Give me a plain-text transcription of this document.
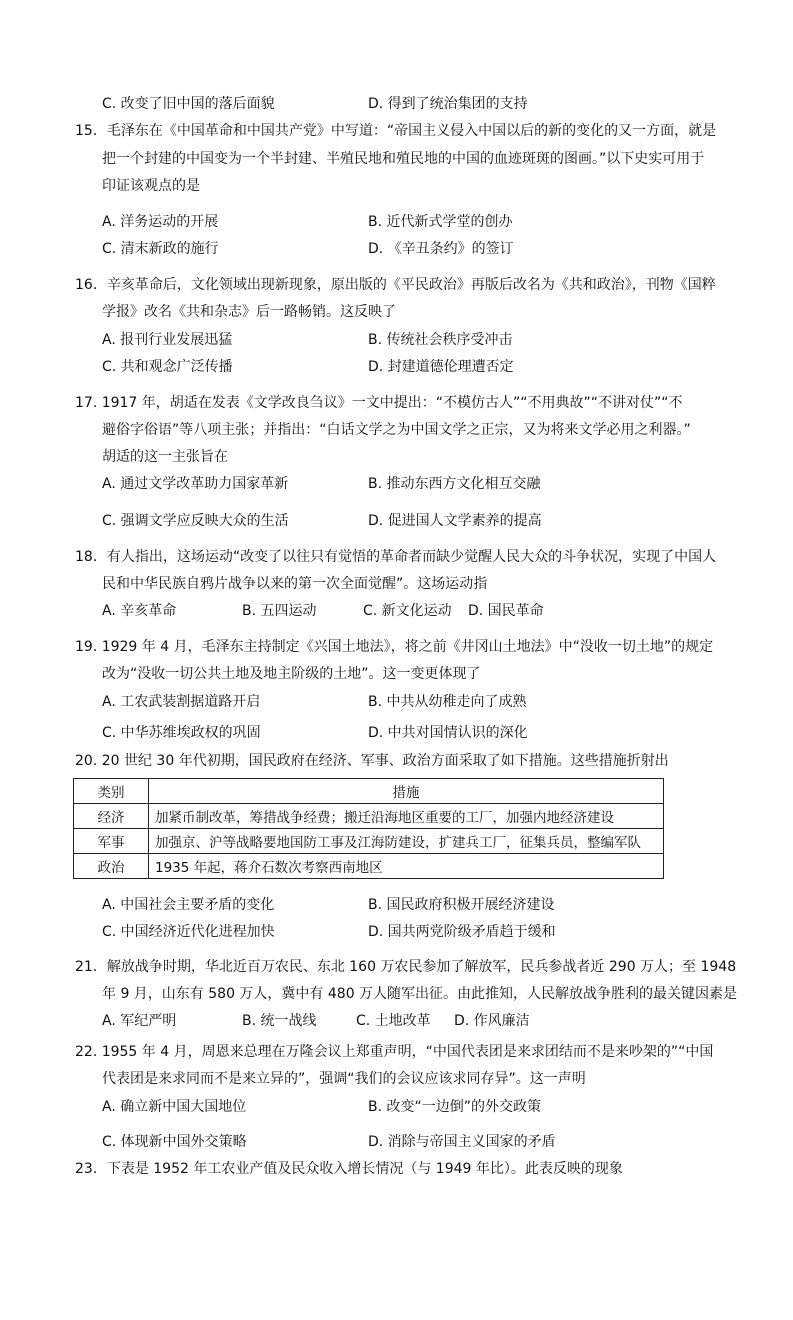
C. 改变了旧中国的落后面貌	D. 得到了统治集团的支持
15．毛泽东在《中国革命和中国共产党》中写道：“帝国主义侵入中国以后的新的变化的又一方面，就是
把一个封建的中国变为一个半封建、半殖民地和殖民地的中国的血迹斑斑的图画。”以下史实可用于
印证该观点的是
A. 洋务运动的开展	B. 近代新式学堂的创办
C. 清末新政的施行	D. 《辛丑条约》的签订
16．辛亥革命后，文化领域出现新现象，原出版的《平民政治》再版后改名为《共和政治》，刊物《国粹
学报》改名《共和杂志》后一路畅销。这反映了
A. 报刊行业发展迅猛	B. 传统社会秩序受冲击
C. 共和观念广泛传播	D. 封建道德伦理遭否定
17. 1917 年，胡适在发表《文学改良刍议》一文中提出：“不模仿古人”“不用典故”“不讲对仗”“不
避俗字俗语”等八项主张；并指出：“白话文学之为中国文学之正宗，又为将来文学必用之利器。”
胡适的这一主张旨在
A. 通过文学改革助力国家革新	B. 推动东西方文化相互交融
C. 强调文学应反映大众的生活	D. 促进国人文学素养的提高
18．有人指出，这场运动“改变了以往只有觉悟的革命者而缺少觉醒人民大众的斗争状况，实现了中国人
民和中华民族自鸦片战争以来的第一次全面觉醒”。这场运动指
A. 辛亥革命	B. 五四运动	C. 新文化运动 D. 国民革命
19. 1929 年 4 月，毛泽东主持制定《兴国土地法》，将之前《井冈山土地法》中“没收一切土地”的规定
改为“没收一切公共土地及地主阶级的土地”。这一变更体现了
A. 工农武装割据道路开启	B. 中共从幼稚走向了成熟
C. 中华苏维埃政权的巩固	D. 中共对国情认识的深化
20. 20 世纪 30 年代初期，国民政府在经济、军事、政治方面采取了如下措施。这些措施折射出
类别	措施
经济	加紧币制改革，筹措战争经费；搬迁沿海地区重要的工厂，加强内地经济建设
军事	加强京、沪等战略要地国防工事及江海防建设，扩建兵工厂，征集兵员，整编军队
政治	1935 年起，蒋介石数次考察西南地区
A. 中国社会主要矛盾的变化	B. 国民政府积极开展经济建设
C. 中国经济近代化进程加快	D. 国共两党阶级矛盾趋于缓和
21．解放战争时期，华北近百万农民、东北 160 万农民参加了解放军，民兵参战者近 290 万人；至 1948
年 9 月，山东有 580 万人，冀中有 480 万人随军出征。由此推知，人民解放战争胜利的最关键因素是
A. 军纪严明	B. 统一战线	C. 土地改革 D. 作风廉洁
22. 1955 年 4 月，周恩来总理在万隆会议上郑重声明，“中国代表团是来求团结而不是来吵架的”“中国
代表团是来求同而不是来立异的”，强调“我们的会议应该求同存异”。这一声明
A. 确立新中国大国地位	B. 改变“一边倒”的外交政策
C. 体现新中国外交策略	D. 消除与帝国主义国家的矛盾
23．下表是 1952 年工农业产值及民众收入增长情况（与 1949 年比）。此表反映的现象
